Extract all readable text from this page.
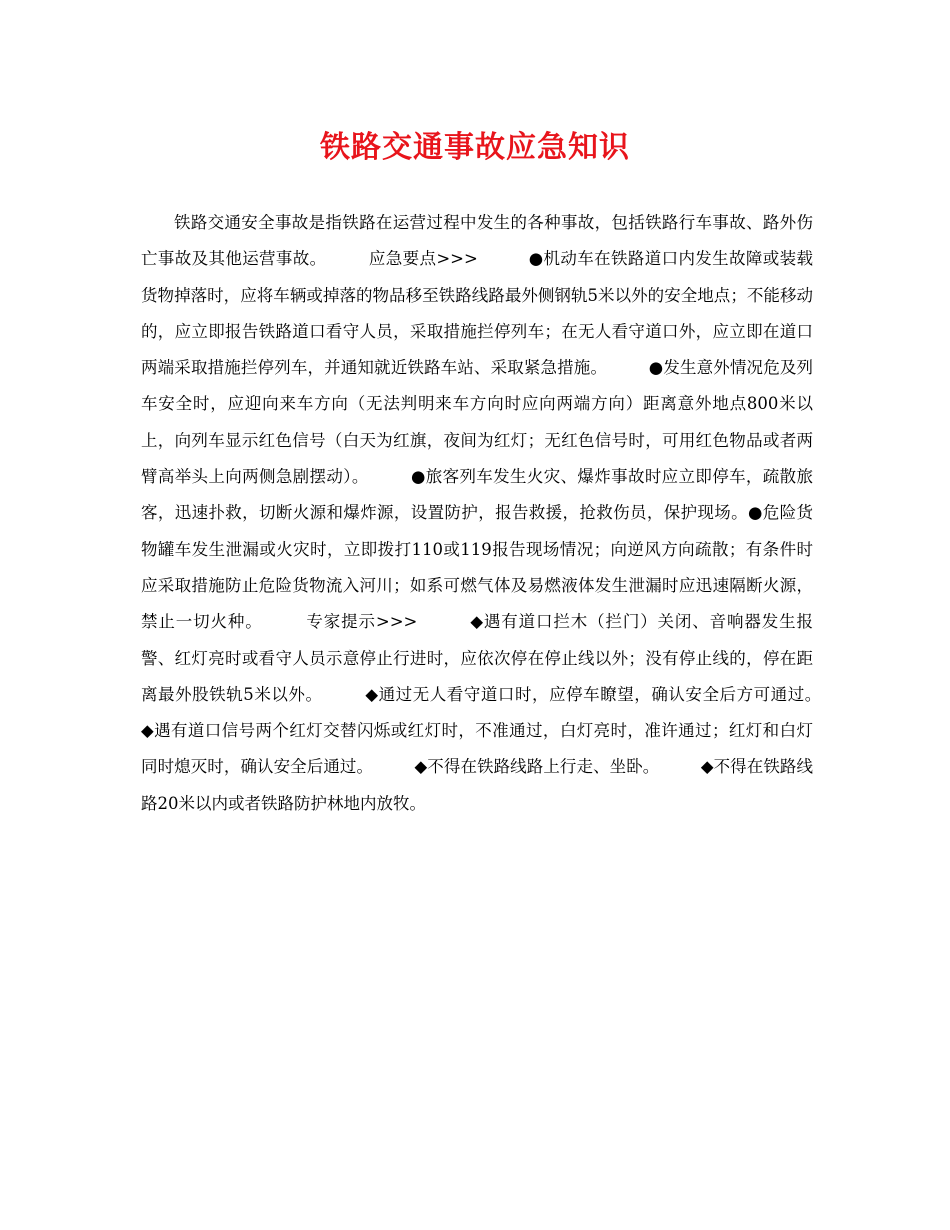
铁路交通事故应急知识

铁路交通安全事故是指铁路在运营过程中发生的各种事故，包括铁路行车事故、路外伤亡事故及其他运营事故。　　　应急要点>>>　　　●机动车在铁路道口内发生故障或装载货物掉落时，应将车辆或掉落的物品移至铁路线路最外侧钢轨5米以外的安全地点；不能移动的，应立即报告铁路道口看守人员，采取措施拦停列车；在无人看守道口外，应立即在道口两端采取措施拦停列车，并通知就近铁路车站、采取紧急措施。　　　●发生意外情况危及列车安全时，应迎向来车方向（无法判明来车方向时应向两端方向）距离意外地点800米以上，向列车显示红色信号（白天为红旗，夜间为红灯；无红色信号时，可用红色物品或者两臂高举头上向两侧急剧摆动）。　　　●旅客列车发生火灾、爆炸事故时应立即停车，疏散旅客，迅速扑救，切断火源和爆炸源，设置防护，报告救援，抢救伤员，保护现场。●危险货物罐车发生泄漏或火灾时，立即拨打110或119报告现场情况；向逆风方向疏散；有条件时应采取措施防止危险货物流入河川；如系可燃气体及易燃液体发生泄漏时应迅速隔断火源，禁止一切火种。　　　专家提示>>>　　　◆遇有道口拦木（拦门）关闭、音响器发生报警、红灯亮时或看守人员示意停止行进时，应依次停在停止线以外；没有停止线的，停在距离最外股铁轨5米以外。　　　◆通过无人看守道口时，应停车瞭望，确认安全后方可通过。　　　◆遇有道口信号两个红灯交替闪烁或红灯时，不准通过，白灯亮时，准许通过；红灯和白灯同时熄灭时，确认安全后通过。　　　◆不得在铁路线路上行走、坐卧。　　　◆不得在铁路线路20米以内或者铁路防护林地内放牧。
